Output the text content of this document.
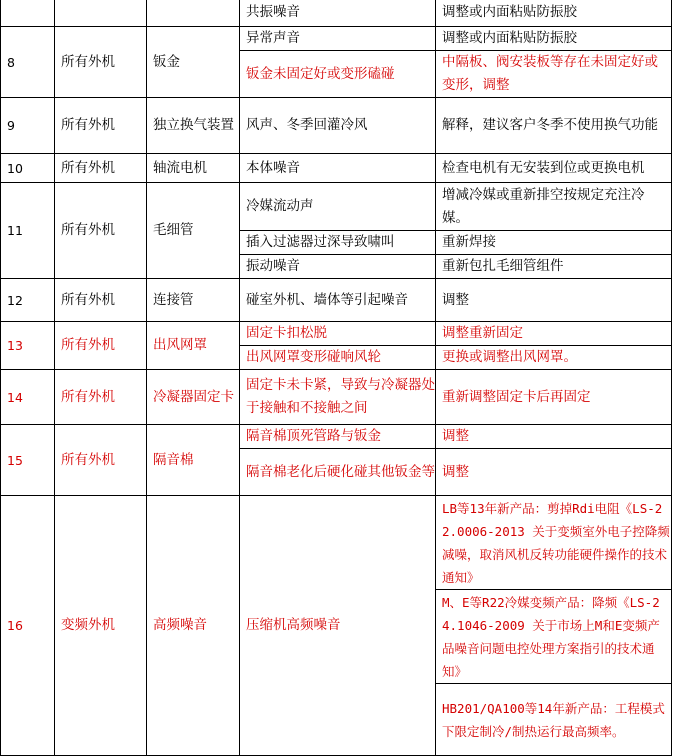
			共振噪音	调整或内面粘贴防振胶
8	所有外机	钣金	异常声音	调整或内面粘贴防振胶
			钣金未固定好或变形磕碰	中隔板、阀安装板等存在未固定好或变形，调整
9	所有外机	独立换气装置	风声、冬季回灌冷风	解释，建议客户冬季不使用换气功能
10	所有外机	轴流电机	本体噪音	检查电机有无安装到位或更换电机
11	所有外机	毛细管	冷媒流动声	增减冷媒或重新排空按规定充注冷媒。
			插入过滤器过深导致啸叫	重新焊接
			振动噪音	重新包扎毛细管组件
12	所有外机	连接管	碰室外机、墙体等引起噪音	调整
13	所有外机	出风网罩	固定卡扣松脱	调整重新固定
			出风网罩变形碰响风轮	更换或调整出风网罩。
14	所有外机	冷凝器固定卡	固定卡未卡紧，导致与冷凝器处于接触和不接触之间	重新调整固定卡后再固定
15	所有外机	隔音棉	隔音棉顶死管路与钣金	调整
			隔音棉老化后硬化碰其他钣金等	调整
16	变频外机	高频噪音	压缩机高频噪音	LB等13年新产品：剪掉Rdi电阻《LS-22.0006-2013 关于变频室外电子控降频减噪，取消风机反转功能硬件操作的技术通知》
				M、E等R22冷媒变频产品：降频《LS-24.1046-2009 关于市场上M和E变频产品噪音问题电控处理方案指引的技术通知》
				HB201/QA100等14年新产品：工程模式下限定制冷/制热运行最高频率。
